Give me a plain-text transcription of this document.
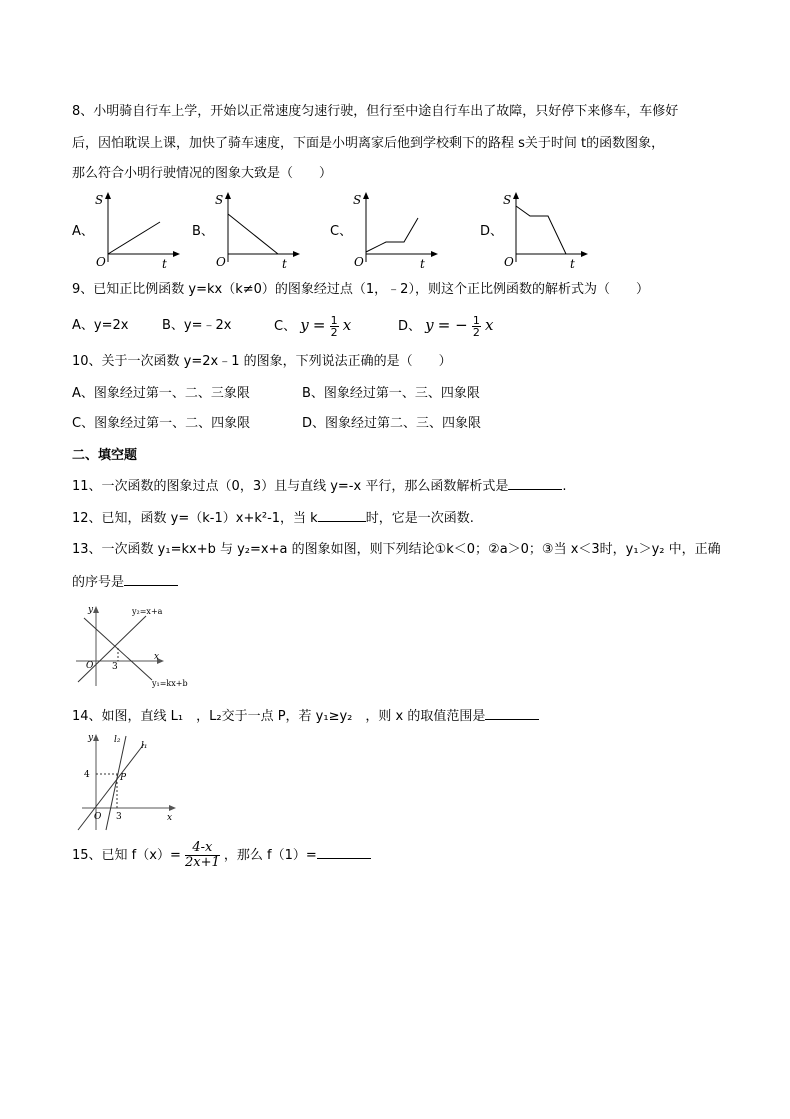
8、小明骑自行车上学，开始以正常速度匀速行驶，但行至中途自行车出了故障，只好停下来修车，车修好
后，因怕耽误上课，加快了骑车速度，下面是小明离家后他到学校剩下的路程 s关于时间 t的函数图象，
那么符合小明行驶情况的图象大致是（　　）
A、
S
O	t
B、
S
O	t
C、
S
O	t
D、
S
O	t
9、已知正比例函数 y=kx（k≠0）的图象经过点（1，﹣2），则这个正比例函数的解析式为（　　）
A、y=2x	B、y=﹣2x	C、 $y = \frac{1}{2}$ x	D、 y = − $\frac{1}{2}$ x
10、关于一次函数 y=2x﹣1 的图象，下列说法正确的是（　　）
A、图象经过第一、二、三象限	B、图象经过第一、三、四象限
C、图象经过第一、二、四象限	D、图象经过第二、三、四象限
二、填空题
11、一次函数的图象过点（0，3）且与直线 y=-x 平行，那么函数解析式是	.
12、已知，函数 y=（k-1）x+k²-1，当 k	时，它是一次函数.
13、一次函数 y₁=kx+b 与 y₂=x+a 的图象如图，则下列结论①k＜0；②a＞0；③当 x＜3时，y₁＞y₂ 中，正确
的序号是
y
x
O 3
y₂=x+a
y₁=kx+b
14、如图，直线 L₁　，L₂交于一点 P，若 y₁≥y₂　，则 x 的取值范围是
y
x
O
4
3
P
l₂
l₁
15、已知 $f(x)= \frac{4-x}{2x+1}$ ，那么 f（1）=
